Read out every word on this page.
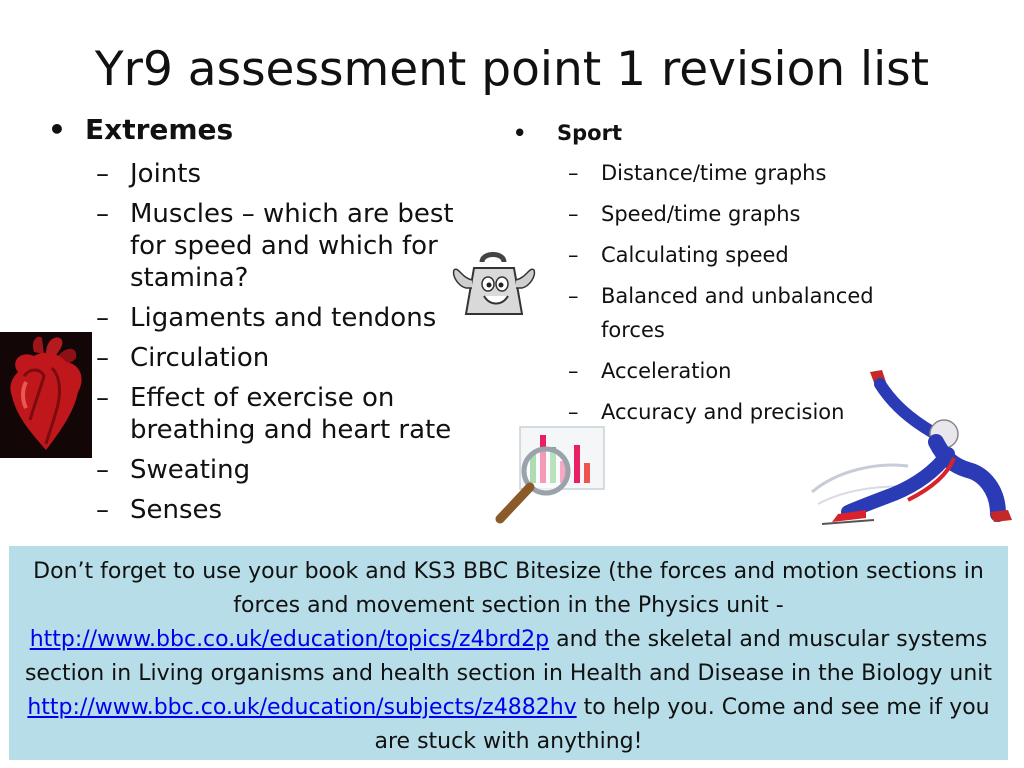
Yr9 assessment point 1 revision list
• Extremes
– Joints
– Muscles – which are best for speed and which for stamina?
– Ligaments and tendons
– Circulation
– Effect of exercise on breathing and heart rate
– Sweating
– Senses
• Sport
– Distance/time graphs
– Speed/time graphs
– Calculating speed
– Balanced and unbalanced forces
– Acceleration
– Accuracy and precision
Don’t forget to use your book and KS3 BBC Bitesize (the forces and motion sections in forces and movement section in the Physics unit - http://www.bbc.co.uk/education/topics/z4brd2p and the skeletal and muscular systems section in Living organisms and health section in Health and Disease in the Biology unit http://www.bbc.co.uk/education/subjects/z4882hv to help you. Come and see me if you are stuck with anything!
